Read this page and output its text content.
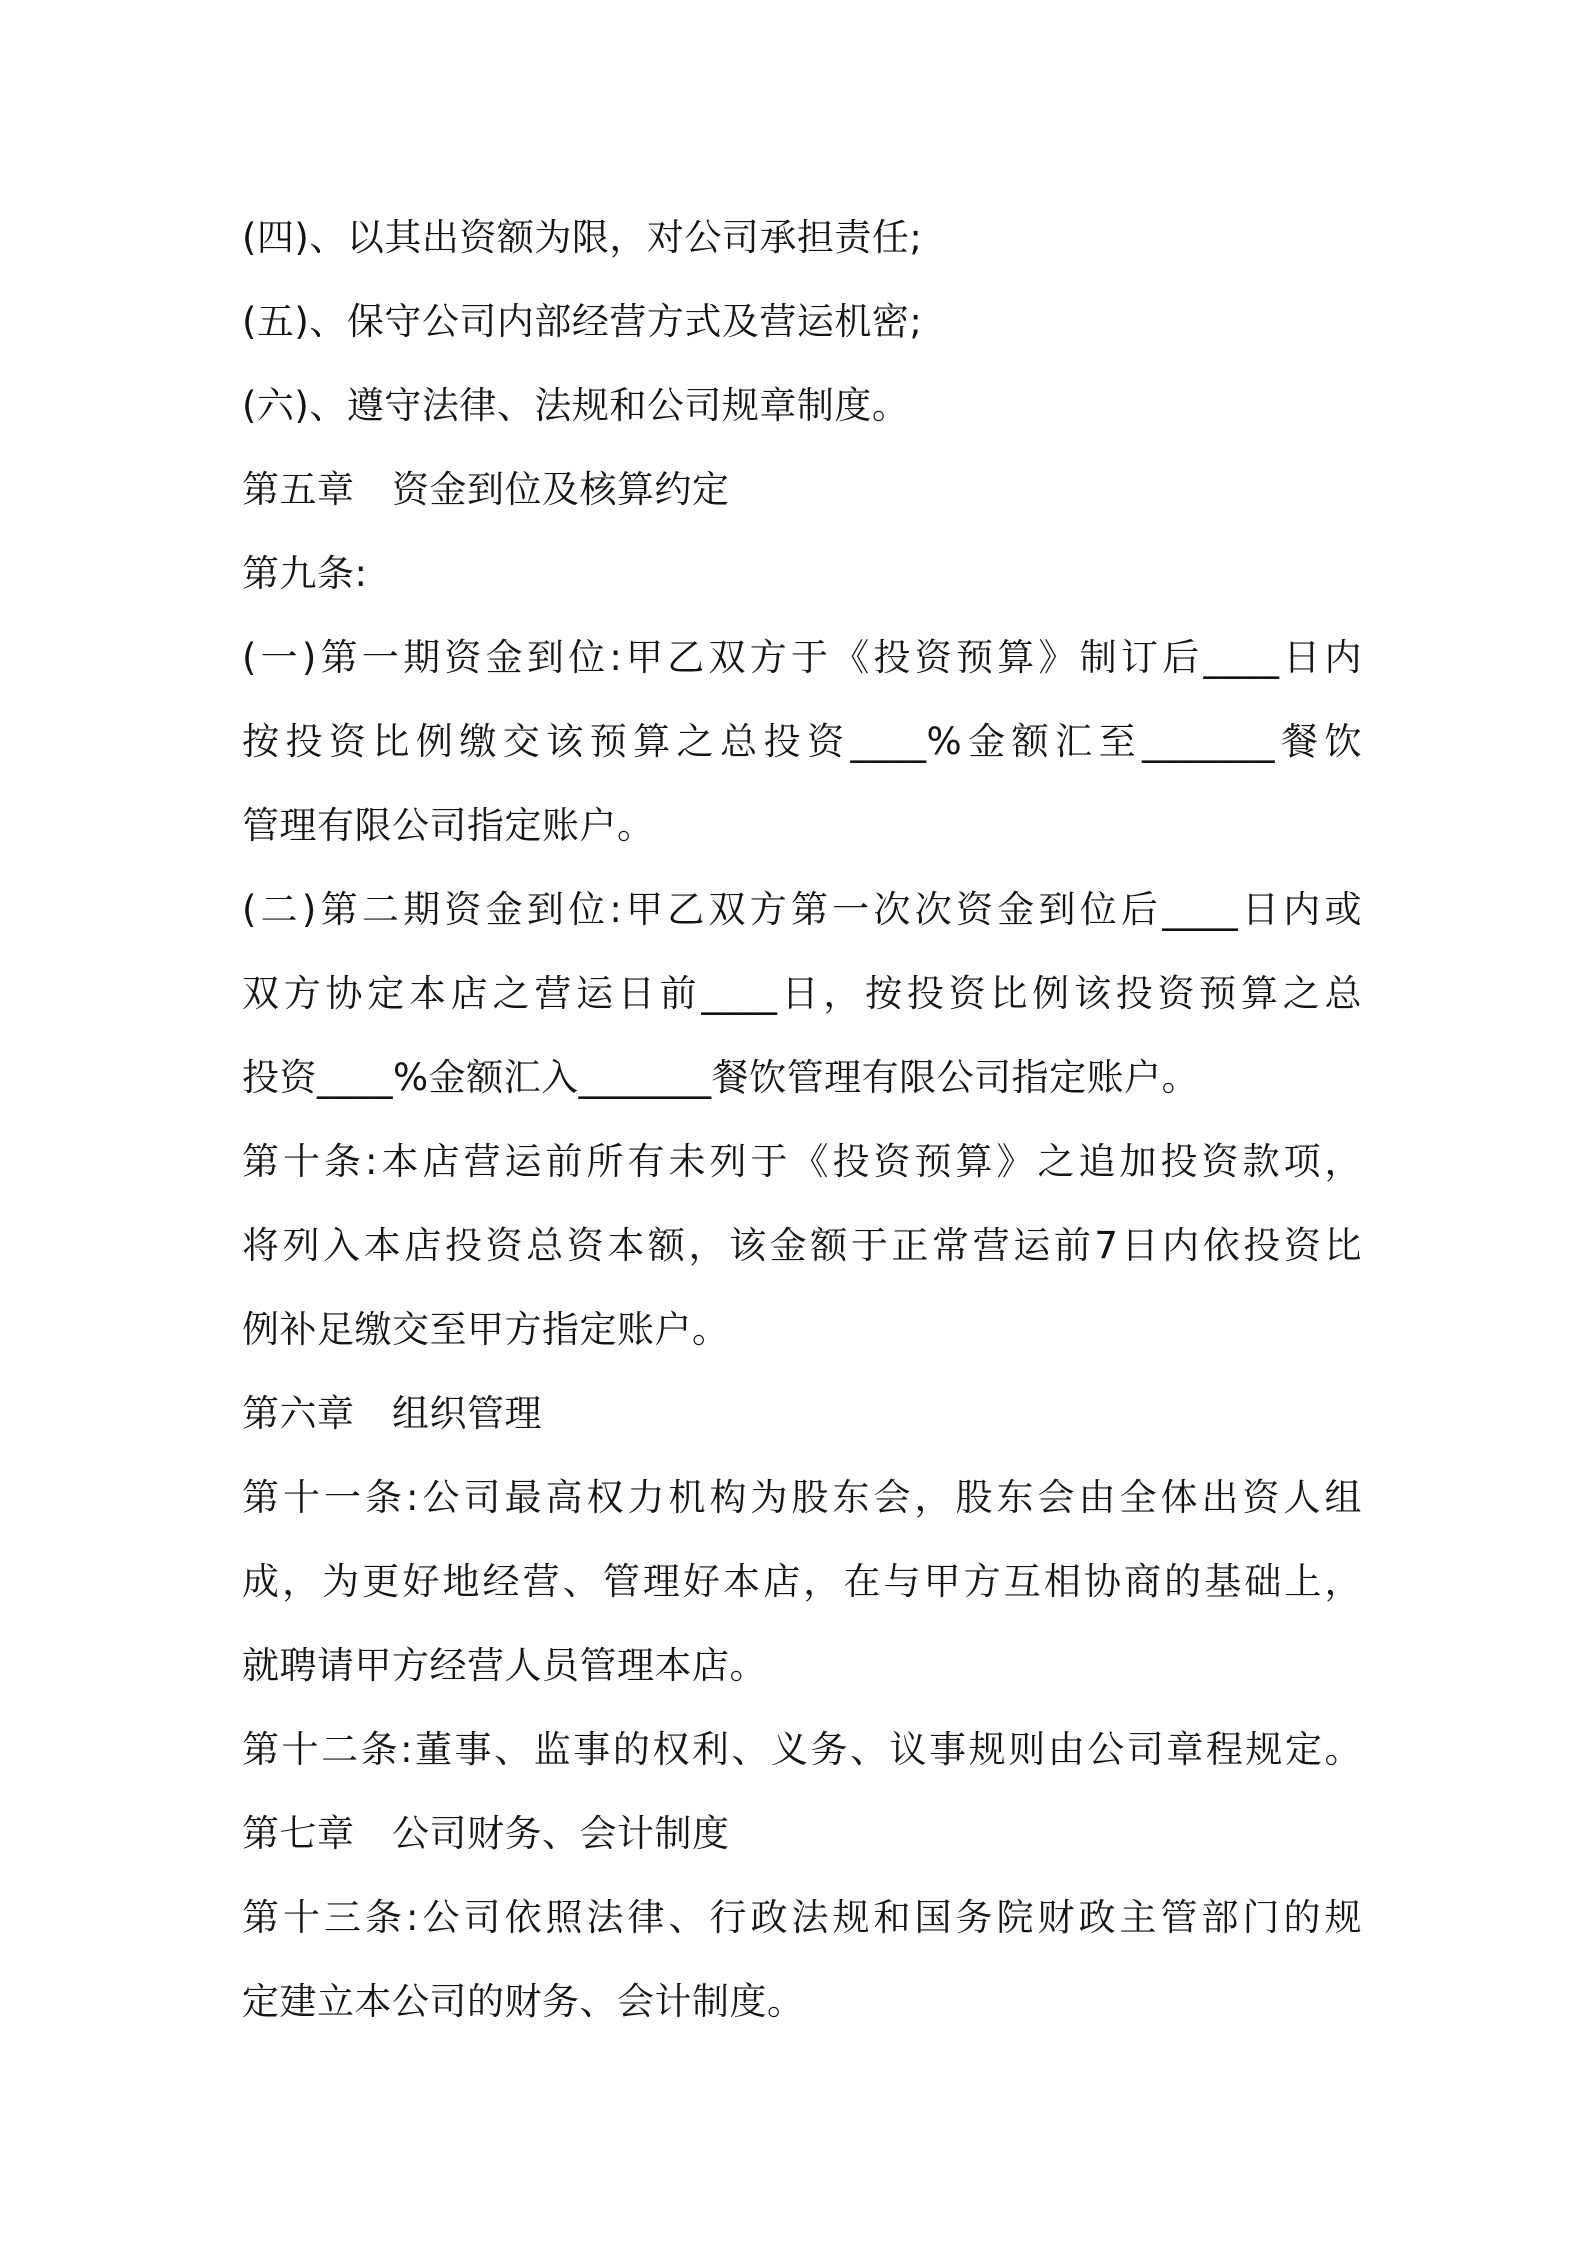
(四)、以其出资额为限，对公司承担责任;
(五)、保守公司内部经营方式及营运机密;
(六)、遵守法律、法规和公司规章制度。
第五章　资金到位及核算约定
第九条:
(一)第一期资金到位:甲乙双方于《投资预算》制订后____日内
按投资比例缴交该预算之总投资____%金额汇至_______餐饮
管理有限公司指定账户。
(二)第二期资金到位:甲乙双方第一次次资金到位后____日内或
双方协定本店之营运日前____日，按投资比例该投资预算之总
投资____%金额汇入_______餐饮管理有限公司指定账户。
第十条:本店营运前所有未列于《投资预算》之追加投资款项，
将列入本店投资总资本额，该金额于正常营运前7日内依投资比
例补足缴交至甲方指定账户。
第六章　组织管理
第十一条:公司最高权力机构为股东会，股东会由全体出资人组
成，为更好地经营、管理好本店，在与甲方互相协商的基础上，
就聘请甲方经营人员管理本店。
第十二条:董事、监事的权利、义务、议事规则由公司章程规定。
第七章　公司财务、会计制度
第十三条:公司依照法律、行政法规和国务院财政主管部门的规
定建立本公司的财务、会计制度。
